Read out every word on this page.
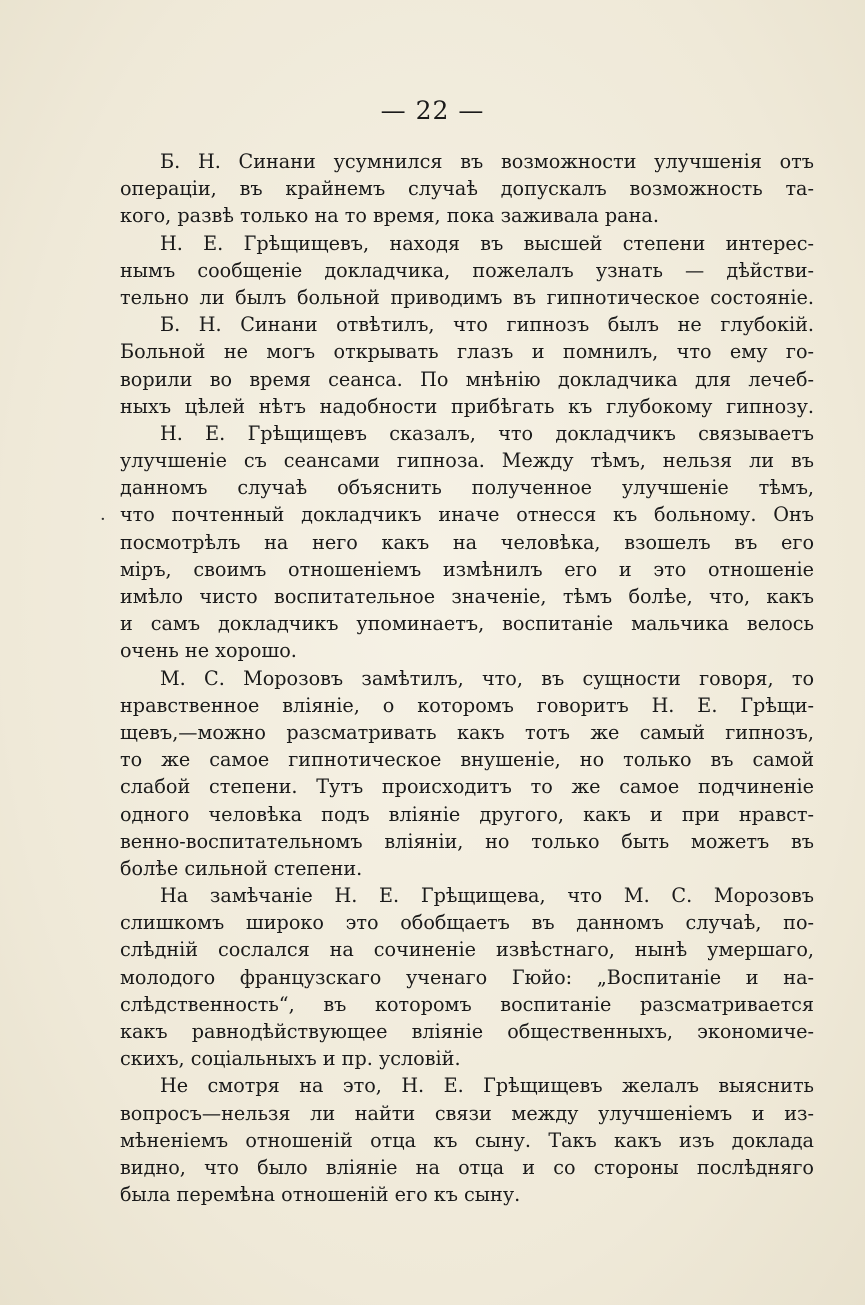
— 22 —
·
Б. Н. Синани усумнился въ возможности улучшенія отъ
операціи, въ крайнемъ случаѣ допускалъ возможность та-
кого, развѣ только на то время, пока заживала рана.
Н. Е. Грѣщищевъ, находя въ высшей степени интерес-
нымъ сообщеніе докладчика, пожелалъ узнать — дѣйстви-
тельно ли былъ больной приводимъ въ гипнотическое состояніе.
Б. Н. Синани отвѣтилъ, что гипнозъ былъ не глубокій.
Больной не могъ открывать глазъ и помнилъ, что ему го-
ворили во время сеанса. По мнѣнію докладчика для лечеб-
ныхъ цѣлей нѣтъ надобности прибѣгать къ глубокому гипнозу.
Н. Е. Грѣщищевъ сказалъ, что докладчикъ связываетъ
улучшеніе съ сеансами гипноза. Между тѣмъ, нельзя ли въ
данномъ случаѣ объяснить полученное улучшеніе тѣмъ,
что почтенный докладчикъ иначе отнесся къ больному. Онъ
посмотрѣлъ на него какъ на человѣка, взошелъ въ его
міръ, своимъ отношеніемъ измѣнилъ его и это отношеніе
имѣло чисто воспитательное значеніе, тѣмъ болѣе, что, какъ
и самъ докладчикъ упоминаетъ, воспитаніе мальчика велось
очень не хорошо.
М. С. Морозовъ замѣтилъ, что, въ сущности говоря, то
нравственное вліяніе, о которомъ говоритъ Н. Е. Грѣщи-
щевъ,—можно разсматривать какъ тотъ же самый гипнозъ,
то же самое гипнотическое внушеніе, но только въ самой
слабой степени. Тутъ происходитъ то же самое подчиненіе
одного человѣка подъ вліяніе другого, какъ и при нравст-
венно-воспитательномъ вліяніи, но только быть можетъ въ
болѣе сильной степени.
На замѣчаніе Н. Е. Грѣщищева, что М. С. Морозовъ
слишкомъ широко это обобщаетъ въ данномъ случаѣ, по-
слѣдній сослался на сочиненіе извѣстнаго, нынѣ умершаго,
молодого французскаго ученаго Гюйо: „Воспитаніе и на-
слѣдственность“, въ которомъ воспитаніе разсматривается
какъ равнодѣйствующее вліяніе общественныхъ, экономиче-
скихъ, соціальныхъ и пр. условій.
Не смотря на это, Н. Е. Грѣщищевъ желалъ выяснить
вопросъ—нельзя ли найти связи между улучшеніемъ и из-
мѣненіемъ отношеній отца къ сыну. Такъ какъ изъ доклада
видно, что было вліяніе на отца и со стороны послѣдняго
была перемѣна отношеній его къ сыну.
